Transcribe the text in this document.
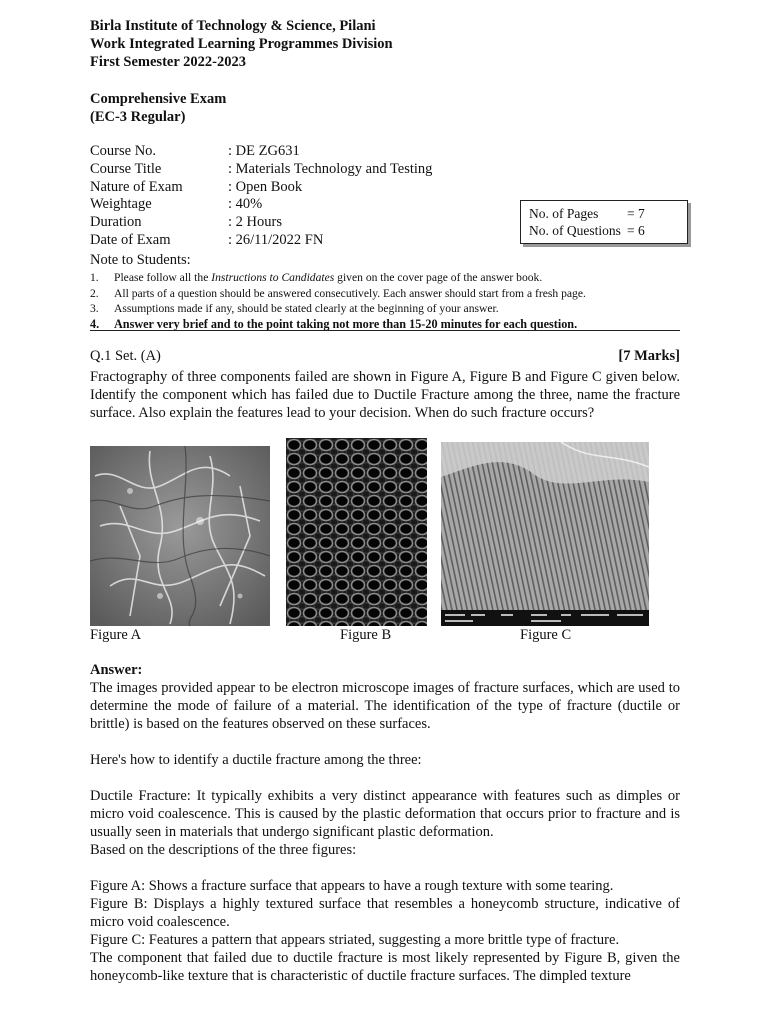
Birla Institute of Technology & Science, Pilani
Work Integrated Learning Programmes Division
First Semester 2022-2023
Comprehensive Exam
(EC-3 Regular)
Course No.	: DE ZG631
Course Title	: Materials Technology and Testing
Nature of Exam	: Open Book
Weightage	: 40%
Duration	: 2 Hours
Date of Exam	: 26/11/2022 FN
No. of Pages	= 7
No. of Questions	= 6
Note to Students:
1.	Please follow all the Instructions to Candidates given on the cover page of the answer book.
2.	All parts of a question should be answered consecutively. Each answer should start from a fresh page.
3.	Assumptions made if any, should be stated clearly at the beginning of your answer.
4.	Answer very brief and to the point taking not more than 15-20 minutes for each question.
Q.1 Set. (A)	[7 Marks]
Fractography of three components failed are shown in Figure A, Figure B and Figure C given below. Identify the component which has failed due to Ductile Fracture among the three, name the fracture surface. Also explain the features lead to your decision. When do such fracture occurs?
Figure A	Figure B	Figure C
Answer:
The images provided appear to be electron microscope images of fracture surfaces, which are used to determine the mode of failure of a material. The identification of the type of fracture (ductile or brittle) is based on the features observed on these surfaces.
Here's how to identify a ductile fracture among the three:
Ductile Fracture: It typically exhibits a very distinct appearance with features such as dimples or micro void coalescence. This is caused by the plastic deformation that occurs prior to fracture and is usually seen in materials that undergo significant plastic deformation.
Based on the descriptions of the three figures:
Figure A: Shows a fracture surface that appears to have a rough texture with some tearing.
Figure B: Displays a highly textured surface that resembles a honeycomb structure, indicative of micro void coalescence.
Figure C: Features a pattern that appears striated, suggesting a more brittle type of fracture.
The component that failed due to ductile fracture is most likely represented by Figure B, given the honeycomb-like texture that is characteristic of ductile fracture surfaces. The dimpled texture
